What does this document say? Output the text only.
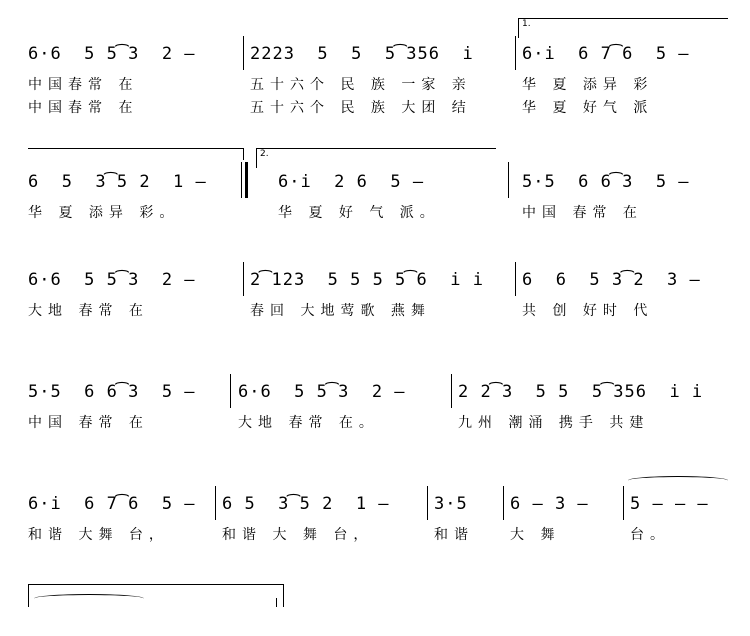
6·6  5 5͡3  2 –

	2223  5  5  5͡356  i

	6·i  6 7͡6  5 –

中国春常 在

	五十六个 民 族 一家 亲

	华 夏 添异 彩

中国春常 在

	五十六个 民 族 大团 结

	华 夏 好气 派

1.
2.

6  5  3͡5 2  1 –

	6·i  2 6  5 –

	5·5  6 6͡3  5 –

华 夏 添异 彩。

	华 夏 好 气 派。

	中国 春常 在

6·6  5 5͡3  2 –

	2͡123  5 5 5 5͡6  i i

6  6  5 3͡2  3 –

大地 春常 在

	春回 大地莺歌 燕舞

	共 创 好时 代

5·5  6 6͡3  5 –

6·6  5 5͡3  2 –

	2 2͡3  5 5  5͡356  i i

中国 春常 在

	大地 春常 在。

	九州 潮涌 携手 共建

6·i  6 7͡6  5 –

6 5  3͡5 2  1 –

	3·5

6 – 3 –

5 – – –

和谐 大舞 台，

	和谐 大 舞 台，

	和谐

	大 舞

	台。
